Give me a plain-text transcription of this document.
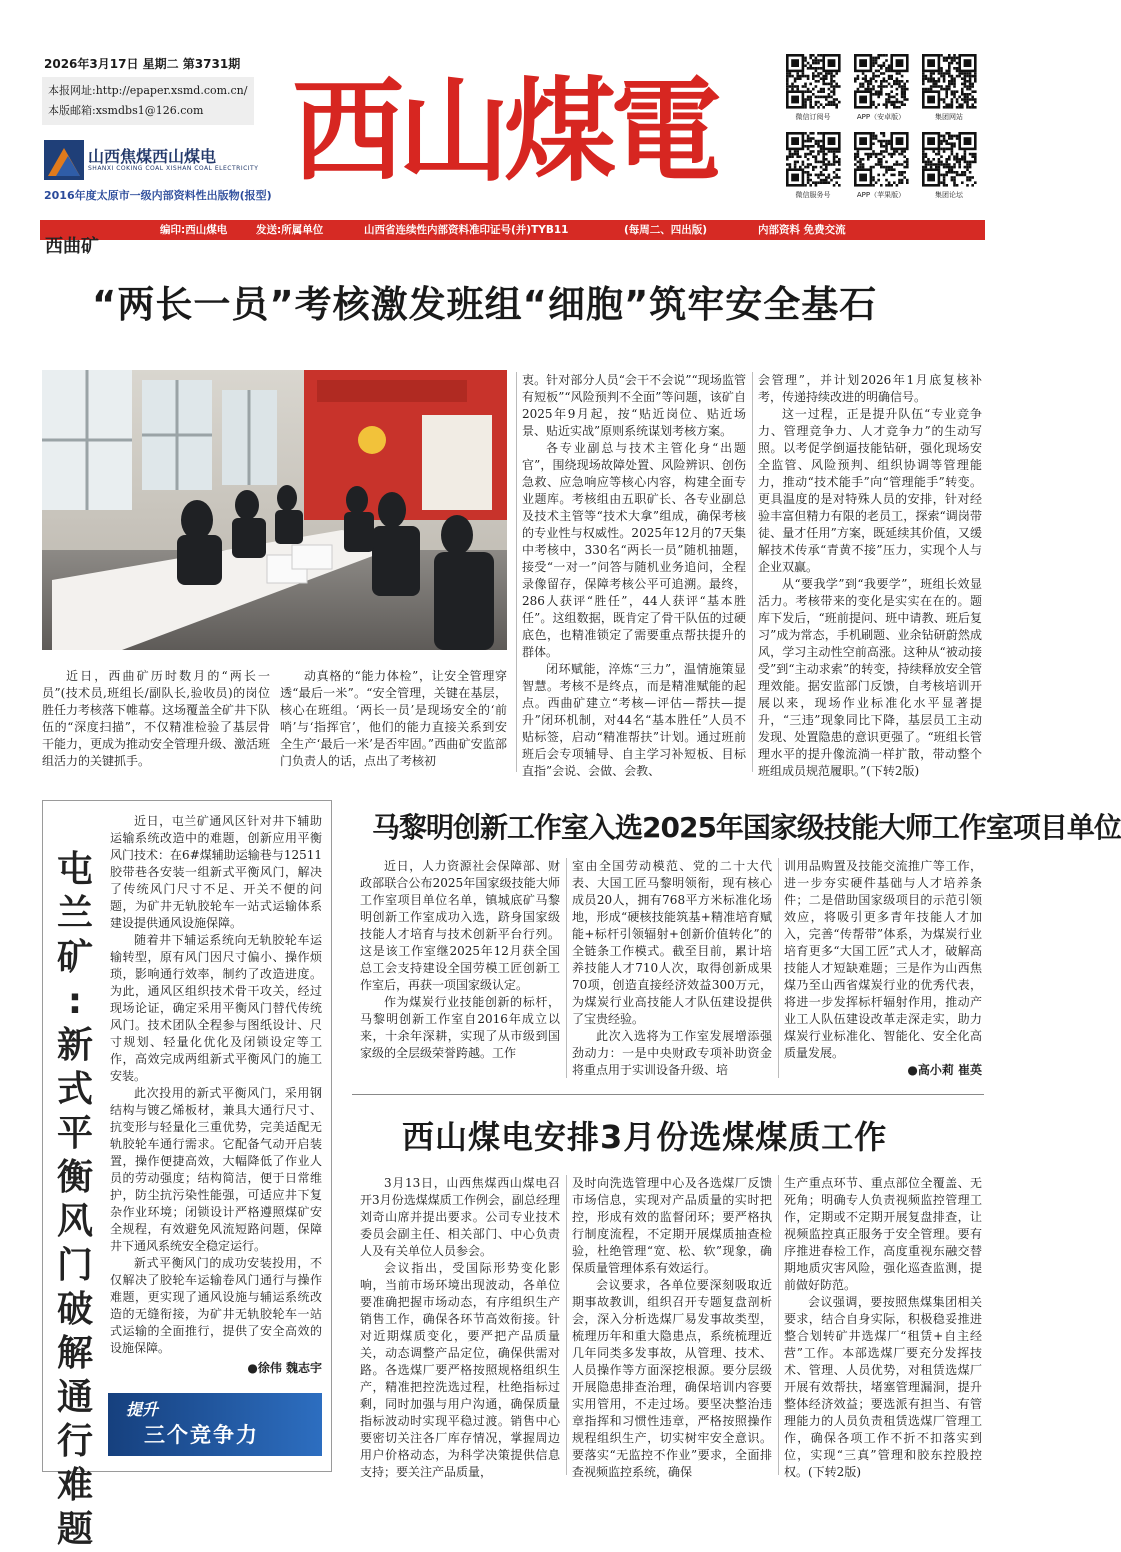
2026年3月17日 星期二 第3731期
本报网址:http://epaper.xsmd.com.cn/
本版邮箱:xsmdbs1@126.com
山西焦煤西山煤电
SHANXI COKING COAL XISHAN COAL ELECTRICITY
2016年度太原市一级内部资料性出版物(报型) 西山煤電	微信订阅号	APP（安卓版）	集团网站
微信服务号	APP（苹果版）	集团论坛
编印:西山煤电	发送:所属单位	山西省连续性内部资料准印证号(并)TYB11	(每周二、四出版)	内部资料 免费交流
西曲矿
“两长一员”考核激发班组“细胞”筑牢安全基石

近日，西曲矿历时数月的“两长一员”(技术员,班组长/副队长,验收员)的岗位胜任力考核落下帷幕。这场覆盖全矿井下队伍的“深度扫描”，不仅精准检验了基层骨干能力，更成为推动安全管理升级、激活班组活力的关键抓手。

动真格的“能力体检”，让安全管理穿透“最后一米”。“安全管理，关键在基层，核心在班组。‘两长一员’是现场安全的‘前哨’与‘指挥官’，他们的能力直接关系到安全生产‘最后一米’是否牢固。”西曲矿安监部门负责人的话，点出了考核初

衷。针对部分人员“会干不会说”“现场监管有短板”“风险预判不全面”等问题，该矿自2025年9月起，按“贴近岗位、贴近场景、贴近实战”原则系统谋划考核方案。

各专业副总与技术主管化身“出题官”，围绕现场故障处置、风险辨识、创伤急救、应急响应等核心内容，构建全面专业题库。考核组由五职矿长、各专业副总及技术主管等“技术大拿”组成，确保考核的专业性与权威性。2025年12月的7天集中考核中，330名“两长一员”随机抽题，接受“一对一”问答与随机业务追问，全程录像留存，保障考核公平可追溯。最终，286人获评“胜任”，44人获评“基本胜任”。这组数据，既肯定了骨干队伍的过硬底色，也精准锁定了需要重点帮扶提升的群体。

闭环赋能，淬炼“三力”，温情施策显智慧。考核不是终点，而是精准赋能的起点。西曲矿建立“考核—评估—帮扶—提升”闭环机制，对44名“基本胜任”人员不贴标签，启动“精准帮扶”计划。通过班前班后会专项辅导、自主学习补短板、目标直指”会说、会做、会教、

会管理”，并计划2026年1月底复核补考，传递持续改进的明确信号。

这一过程，正是提升队伍“专业竞争力、管理竞争力、人才竞争力”的生动写照。以考促学倒逼技能钻研，强化现场安全监管、风险预判、组织协调等管理能力，推动“技术能手”向“管理能手”转变。更具温度的是对特殊人员的安排，针对经验丰富但精力有限的老员工，探索“调岗带徒、量才任用”方案，既延续其价值，又缓解技术传承“青黄不接”压力，实现个人与企业双赢。

从“要我学”到“我要学”，班组长效显活力。考核带来的变化是实实在在的。题库下发后，“班前提问、班中请教、班后复习”成为常态，手机刷题、业余钻研蔚然成风，学习主动性空前高涨。这种从“被动接受”到“主动求索”的转变，持续释放安全管理效能。据安监部门反馈，自考核培训开展以来，现场作业标准化水平显著提升，“三违”现象同比下降，基层员工主动发现、处置隐患的意识更强了。“班组长管理水平的提升像流淌一样扩散，带动整个班组成员规范履职。”(下转2版)

屯
兰
矿
:
新
式
平
衡
风
门
破
解
通
行
难
题

近日，屯兰矿通风区针对井下辅助运输系统改造中的难题，创新应用平衡风门技术：在6#煤辅助运输巷与12511胶带巷各安装一组新式平衡风门，解决了传统风门尺寸不足、开关不便的问题，为矿井无轨胶轮车一站式运输体系建设提供通风设施保障。

随着井下辅运系统向无轨胶轮车运输转型，原有风门因尺寸偏小、操作烦琐，影响通行效率，制约了改造进度。为此，通风区组织技术骨干攻关，经过现场论证，确定采用平衡风门替代传统风门。技术团队全程参与图纸设计、尺寸规划、轻量化优化及闭锁设定等工作，高效完成两组新式平衡风门的施工安装。

此次投用的新式平衡风门，采用钢结构与镀乙烯板材，兼具大通行尺寸、抗变形与轻量化三重优势，完美适配无轨胶轮车通行需求。它配备气动开启装置，操作便捷高效，大幅降低了作业人员的劳动强度；结构简洁，便于日常维护，防尘抗污染性能强，可适应井下复杂作业环境；闭锁设计严格遵照煤矿安全规程，有效避免风流短路问题，保障井下通风系统安全稳定运行。

新式平衡风门的成功安装投用，不仅解决了胶轮车运输卷风门通行与操作难题，更实现了通风设施与辅运系统改造的无缝衔接，为矿井无轨胶轮车一站式运输的全面推行，提供了安全高效的设施保障。

●徐伟 魏志宇
提升
三个竞争力
马黎明创新工作室入选2025年国家级技能大师工作室项目单位

近日，人力资源社会保障部、财政部联合公布2025年国家级技能大师工作室项目单位名单，镇城底矿马黎明创新工作室成功入选，跻身国家级技能人才培育与技术创新平台行列。这是该工作室继2025年12月获全国总工会支持建设全国劳模工匠创新工作室后，再获一项国家级认定。

作为煤炭行业技能创新的标杆，马黎明创新工作室自2016年成立以来，十余年深耕，实现了从市级到国家级的全层级荣誉跨越。工作

室由全国劳动模范、党的二十大代表、大国工匠马黎明领衔，现有核心成员20人，拥有768平方米标准化场地，形成“硬核技能筑基+精准培育赋能+标杆引领辐射+创新价值转化”的全链条工作模式。截至目前，累计培养技能人才710人次，取得创新成果70项，创造直接经济效益300万元，为煤炭行业高技能人才队伍建设提供了宝贵经验。

此次入选将为工作室发展增添强劲动力：一是中央财政专项补助资金将重点用于实训设备升级、培

训用品购置及技能交流推广等工作，进一步夯实硬件基础与人才培养条件；二是借助国家级项目的示范引领效应，将吸引更多青年技能人才加入，完善“传帮带”体系，为煤炭行业培育更多“大国工匠”式人才，破解高技能人才短缺难题；三是作为山西焦煤乃至山西省煤炭行业的优秀代表，将进一步发挥标杆辐射作用，推动产业工人队伍建设改革走深走实，助力煤炭行业标准化、智能化、安全化高质量发展。

●高小莉 崔英
西山煤电安排3月份选煤煤质工作

3月13日，山西焦煤西山煤电召开3月份选煤煤质工作例会，副总经理刘奇山席并提出要求。公司专业技术委员会副主任、相关部门、中心负责人及有关单位人员参会。

会议指出，受国际形势变化影响，当前市场环境出现波动，各单位要准确把握市场动态，有序组织生产销售工作，确保各环节高效衔接。针对近期煤质变化，要严把产品质量关，动态调整产品定位，确保供需对路。各选煤厂要严格按照规格组织生产，精准把控洗选过程，杜绝指标过剩，同时加强与用户沟通，确保质量指标波动时实现平稳过渡。销售中心要密切关注各厂库存情况，掌握周边用户价格动态，为科学决策提供信息支持；要关注产品质量，

及时向洗选管理中心及各选煤厂反馈市场信息，实现对产品质量的实时把控，形成有效的监督闭环；要严格执行制度流程，不定期开展煤质抽查检验，杜绝管理“宽、松、软”现象，确保质量管理体系有效运行。

会议要求，各单位要深刻吸取近期事故教训，组织召开专题复盘剖析会，深入分析选煤厂易发事故类型，梳理历年和重大隐患点，系统梳理近几年同类多发事故，从管理、技术、人员操作等方面深挖根源。要分层级开展隐患排查治理，确保培训内容要实用管用，不走过场。要坚决整治违章指挥和习惯性违章，严格按照操作规程组织生产，切实树牢安全意识。要落实“无监控不作业”要求，全面排查视频监控系统，确保

生产重点环节、重点部位全覆盖、无死角；明确专人负责视频监控管理工作，定期或不定期开展复盘排查，让视频监控真正服务于安全管理。要有序推进春检工作，高度重视东融交替期地质灾害风险，强化巡查监测，提前做好防范。

会议强调，要按照焦煤集团相关要求，结合自身实际，积极稳妥推进整合划转矿井选煤厂“租赁+自主经营”工作。本部选煤厂要充分发挥技术、管理、人员优势，对租赁选煤厂开展有效帮扶，堵塞管理漏洞，提升整体经济效益；要选派有担当、有管理能力的人员负责租赁选煤厂管理工作，确保各项工作不折不扣落实到位，实现“三真”管理和胶东控股控权。(下转2版)
